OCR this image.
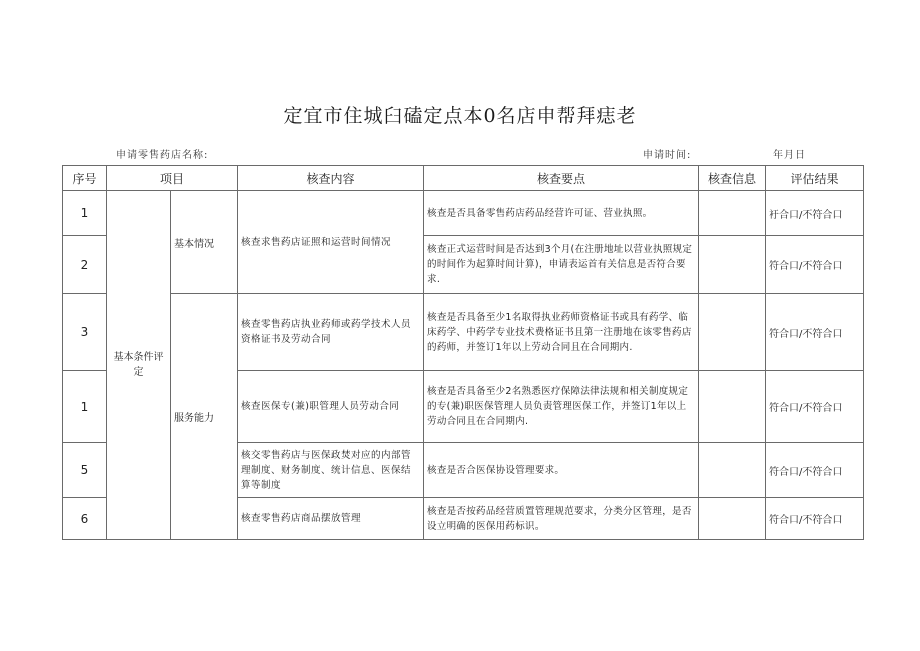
定宜市住城臼磕定点本0名店申帮拜痣老
申请零售药店名称:	申请时间:	年月日
序号	项目		核查内容	核查要点	核查信息	评估结果
1	基本条件评定	基本情况	核查求售药店证照和运营时间情况	核查是否具备零售药店药品经营许可证、营业执照。		衧合口/不符合口
2				核查正式运营时间是否达到3个月(在注册地址以营业执照规定的时间作为起算时间计算)，申请表运首有关信息是否符合要求.		符合口/不符合口
3		服务能力	核查零售药店执业药师或药学技术人员资格证书及劳动合同	核查是否具备至少1名取得执业药师资格证书或具有药学、临床药学、中药学专业技术费格证书且第一注册地在该零售药店的药师，并签订1年以上劳动合同且在合同期内.		符合口/不符合口
1			核查医保专(兼)职管理人员劳动合同	核查是否具备至少2名熟悉医疗保障法律法规和相关制度规定的专(兼)职医保管理人员负责管理医保工作，并签订1年以上劳动合同且在合同期内.		符合口/不符合口
5			核交零售药店与医保政焚对应的内部管理制度、财务制度、统计信息、医保结算等制度	核查是否合医保协设管理要求。		符合口/不符合口
6			核查零售药店商品摆放管理	核查是否按药品经营质置管理规范要求，分类分区管理，是否设立明确的医保用药标识。		符合口/不符合口
